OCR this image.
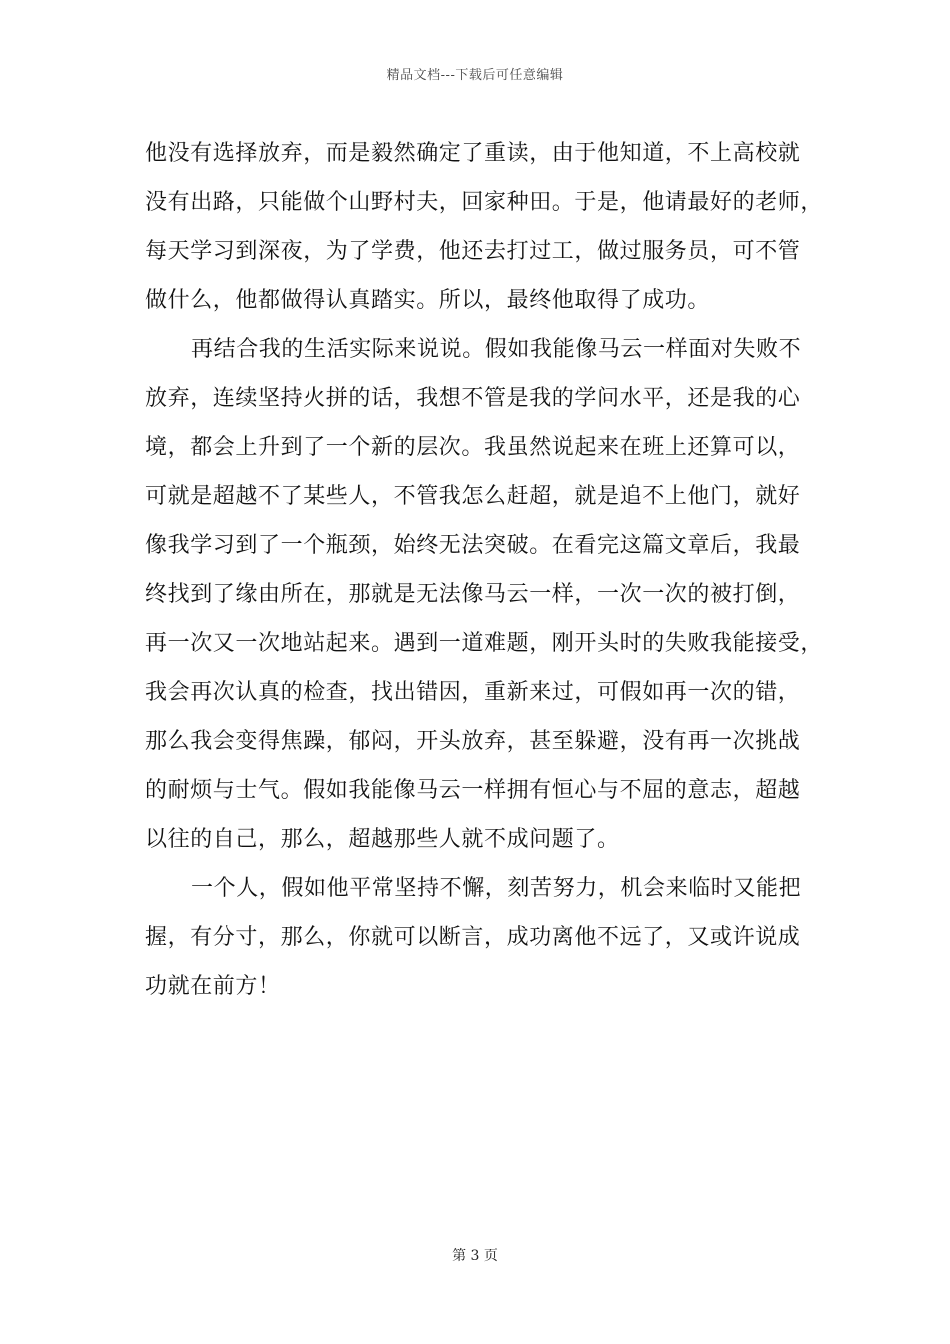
精品文档---下载后可任意编辑
他没有选择放弃，而是毅然确定了重读，由于他知道，不上高校就
没有出路，只能做个山野村夫，回家种田。于是，他请最好的老师，
每天学习到深夜，为了学费，他还去打过工，做过服务员，可不管
做什么，他都做得认真踏实。所以，最终他取得了成功。
再结合我的生活实际来说说。假如我能像马云一样面对失败不
放弃，连续坚持火拼的话，我想不管是我的学问水平，还是我的心
境，都会上升到了一个新的层次。我虽然说起来在班上还算可以，
可就是超越不了某些人，不管我怎么赶超，就是追不上他门，就好
像我学习到了一个瓶颈，始终无法突破。在看完这篇文章后，我最
终找到了缘由所在，那就是无法像马云一样，一次一次的被打倒，
再一次又一次地站起来。遇到一道难题，刚开头时的失败我能接受，
我会再次认真的检查，找出错因，重新来过，可假如再一次的错，
那么我会变得焦躁，郁闷，开头放弃，甚至躲避，没有再一次挑战
的耐烦与士气。假如我能像马云一样拥有恒心与不屈的意志，超越
以往的自己，那么，超越那些人就不成问题了。
一个人，假如他平常坚持不懈，刻苦努力，机会来临时又能把
握，有分寸，那么，你就可以断言，成功离他不远了，又或许说成
功就在前方！
第 3 页
